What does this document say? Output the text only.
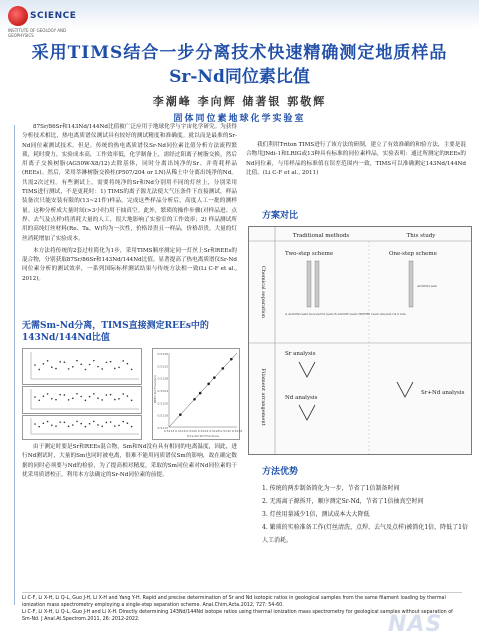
SCIENCE
INSTITUTE OF GEOLOGY AND GEOPHYSICS
采用TIMS结合一步分离技术快速精确测定地质样品
Sr-Nd同位素比值
李潮峰 李向辉 储著银 郭敬辉
固体同位素地球化学实验室

87Sr/86Sr和143Nd/144Nd比值被广泛应用于地球化学与宇宙化学研究。为获得分析技术相比，热电离质谱仪测试具有较好的测试精度和准确度。就以而是最准的Sr-Nd同位素测试技术。但是，传统的热电离质谱仪Sr-Nd同位素比值分析方法流程繁琐，耗时费力，实验成本高，工作效率低，化学制备上，需经过阳离子树脂交换，然后用离子交换树脂(AG50W-X8/12)去除基体，同时分离出纯净的Sr、并将耗样品(REEs)。然后，采用萃淋树脂交换柱(P507/204 or LN)从稀土中分离出纯净的Nd。共需2次过柱。有些测试上，需要将纯净的Sr和Nd分别用不同的灯丝上，分别采用TIMS进行测试，不是更耗时：1) TIMS的离子源尤法使大气压条件下直接测试，样品装备次只能安装有限的(13~21件)样品，完成这些样品分析后，高度人工一批的测样量。这种分析成大量时间(>3小时)用于抽真空。此外，繁琐的操作步骤(对样品进、点焊、去气及点样)将消耗大量的人工，很大地影响了实验室的工作效率；2) 样品测试所用的高纯灯丝材料(Re、Ta、W)均为一次性，价格昂贵且一样品，价格昂贵，大量的灯丝消耗增加了实验成本。

本方法将传统的2套过柱简化为1步，采用TIMS顺序测定同一灯丝上Sr和REEs的混合物，分别获取87Sr/86Sr和143Nd/144Nd比值。显著提高了热电离质谱仪Sr-Nd同位素分析的测试效率，一系列国际标样测试结果与传统方法相一致(Li C-F et al., 2012)。

无需Sm-Nd分离，TIMS直接测定REEs中的
143Nd/144Nd比值
0.5112 0.5116 0.5120 0.5124 0.5128 0.5132 0.5136
0.5136
0.5132
0.5128
0.5124
0.5120
0.5116
0.5112
Pure Nd Std Fractions
REEs Std Fractions
由于测定时要是Sr和REEs混合物，Sm和Nd没有具有相同的电离温度，因此，进行Nd测试时，大量的Sm也同时被电离，很难不能用同质谱仪Sm的影响，故在确定数据的同时必须要与Nd的检验，为了提高相对精度，采取的Sm同位素对Nd同位素的干扰采用质谱校正，利用本方法确定的Sr-Nd同位素的前提。

我们利用Triton TIMS进行了该方法的研制，建立了有效准确的和验方法，主要是混合物用JNdi-1和LRIG或13种具有标准的同位素样品，实验表明：通过所测定的REEs的Nd同位素，与用样品的标准值在误差范围内一致，TIMS可以准确测定143Nd/144Nd比值。(Li C-F et al., 2011)

方案对比
Traditional methods	This study
Chemical separation
Filament arrangement
Two-step scheme	One-step scheme
A AG50W-resin Dowex/Nd resin B AG50W-resin HDEHP resin Amount=4.3 mm
AG50W-resin
Sr analysis
Nd analysis
Sr+Nd analysis
方法优势
1. 传统的两步制备简化为一步，节省了1倍制备时间
2. 无需离子源拆开，顺序测定Sr-Nd，节省了1倍抽真空时间
3. 灯丝用量减少1倍，测试成本大大降低
4. 繁琐的实验准备工作(灯丝清洗、点焊、去气及点样)被简化1倍，降低了1倍人工消耗。
Li C-F, Li X-H, Li Q-L, Guo J-H, Li X-H and Yang Y-H. Rapid and precise determination of Sr and Nd isotopic ratios in geological samples from the same filament loading by thermal ionization mass spectrometry employing a single-step separation scheme. Anal.Chim.Acta.2012, 727: 54-60.
Li C-F, Li X-H, Li Q-L, Guo J-H and Li X-H. Directly determining 143Nd/144Nd isotope ratios using thermal ionization mass spectrometry for geological samples without separation of Sm-Nd. J Anal.At.Spectrom.2011, 26: 2012-2022.	NAS
